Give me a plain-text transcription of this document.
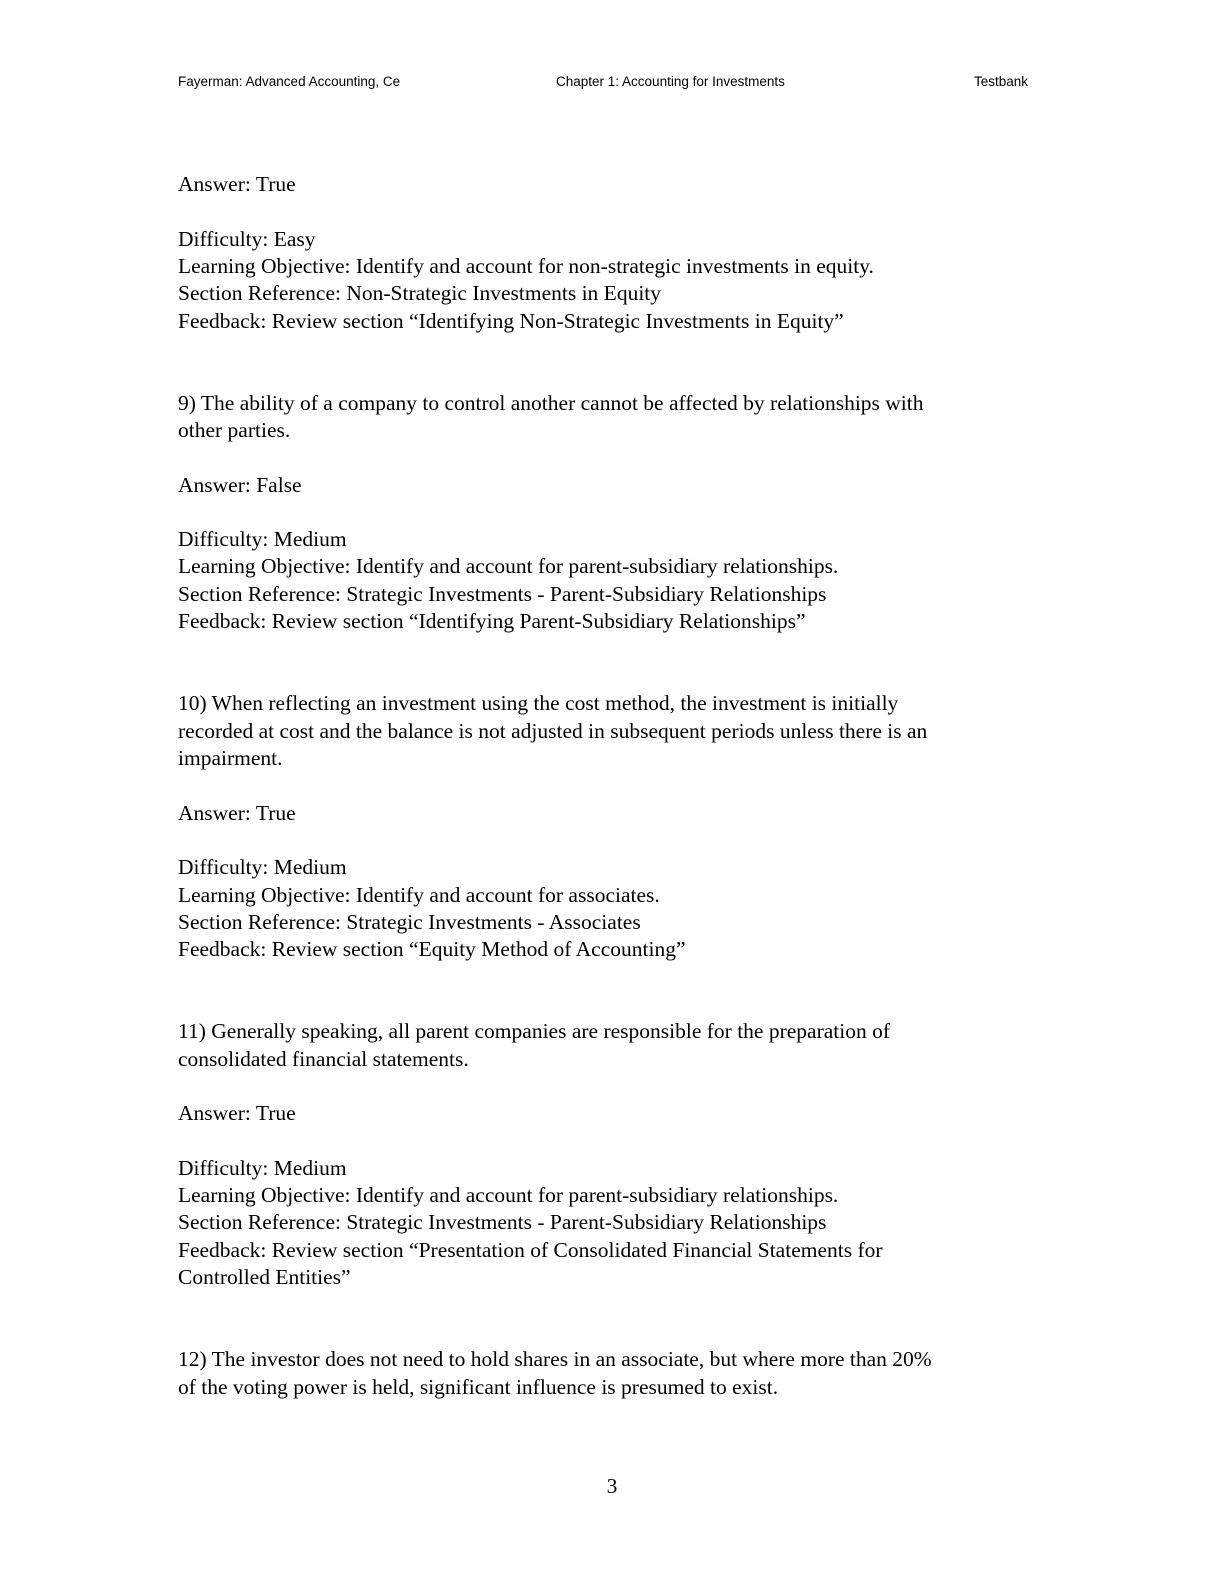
Fayerman: Advanced Accounting, Ce	Chapter 1: Accounting for Investments	Testbank
Answer: True
Difficulty: Easy
Learning Objective: Identify and account for non-strategic investments in equity.
Section Reference: Non-Strategic Investments in Equity
Feedback: Review section “Identifying Non-Strategic Investments in Equity”
9) The ability of a company to control another cannot be affected by relationships with
other parties.
Answer: False
Difficulty: Medium
Learning Objective: Identify and account for parent-subsidiary relationships.
Section Reference: Strategic Investments - Parent-Subsidiary Relationships
Feedback: Review section “Identifying Parent-Subsidiary Relationships”
10) When reflecting an investment using the cost method, the investment is initially
recorded at cost and the balance is not adjusted in subsequent periods unless there is an
impairment.
Answer: True
Difficulty: Medium
Learning Objective: Identify and account for associates.
Section Reference: Strategic Investments - Associates
Feedback: Review section “Equity Method of Accounting”
11) Generally speaking, all parent companies are responsible for the preparation of
consolidated financial statements.
Answer: True
Difficulty: Medium
Learning Objective: Identify and account for parent-subsidiary relationships.
Section Reference: Strategic Investments - Parent-Subsidiary Relationships
Feedback: Review section “Presentation of Consolidated Financial Statements for
Controlled Entities”
12) The investor does not need to hold shares in an associate, but where more than 20%
of the voting power is held, significant influence is presumed to exist.
3
